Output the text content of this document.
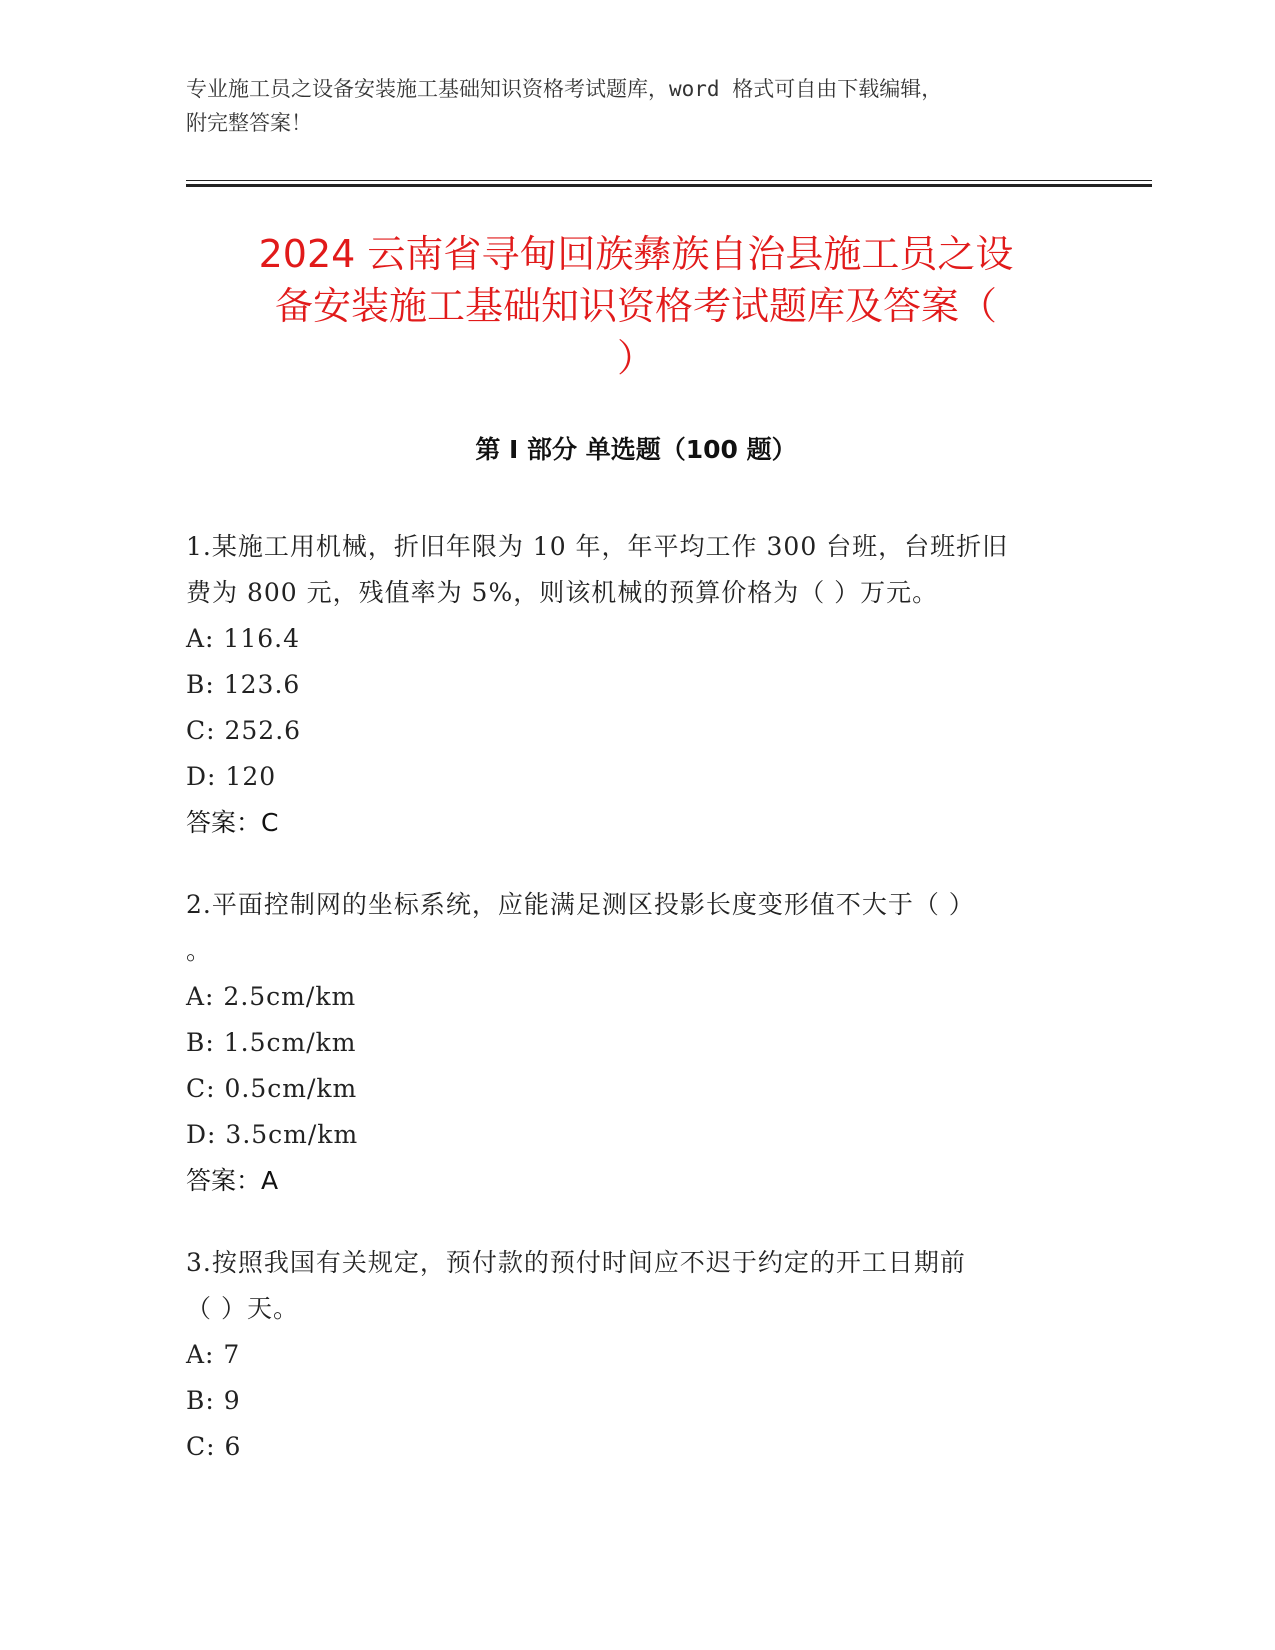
专业施工员之设备安装施工基础知识资格考试题库，word 格式可自由下载编辑，
附完整答案！
2024 云南省寻甸回族彝族自治县施工员之设
备安装施工基础知识资格考试题库及答案（
）
第 I 部分 单选题（100 题）
1.某施工用机械，折旧年限为 10 年，年平均工作 300 台班，台班折旧
费为 800 元，残值率为 5%，则该机械的预算价格为（ ）万元。
A: 116.4
B: 123.6
C: 252.6
D: 120
答案：C
2.平面控制网的坐标系统，应能满足测区投影长度变形值不大于（ ）
。
A: 2.5cm/km
B: 1.5cm/km
C: 0.5cm/km
D: 3.5cm/km
答案：A
3.按照我国有关规定，预付款的预付时间应不迟于约定的开工日期前
（ ）天。
A: 7
B: 9
C: 6
